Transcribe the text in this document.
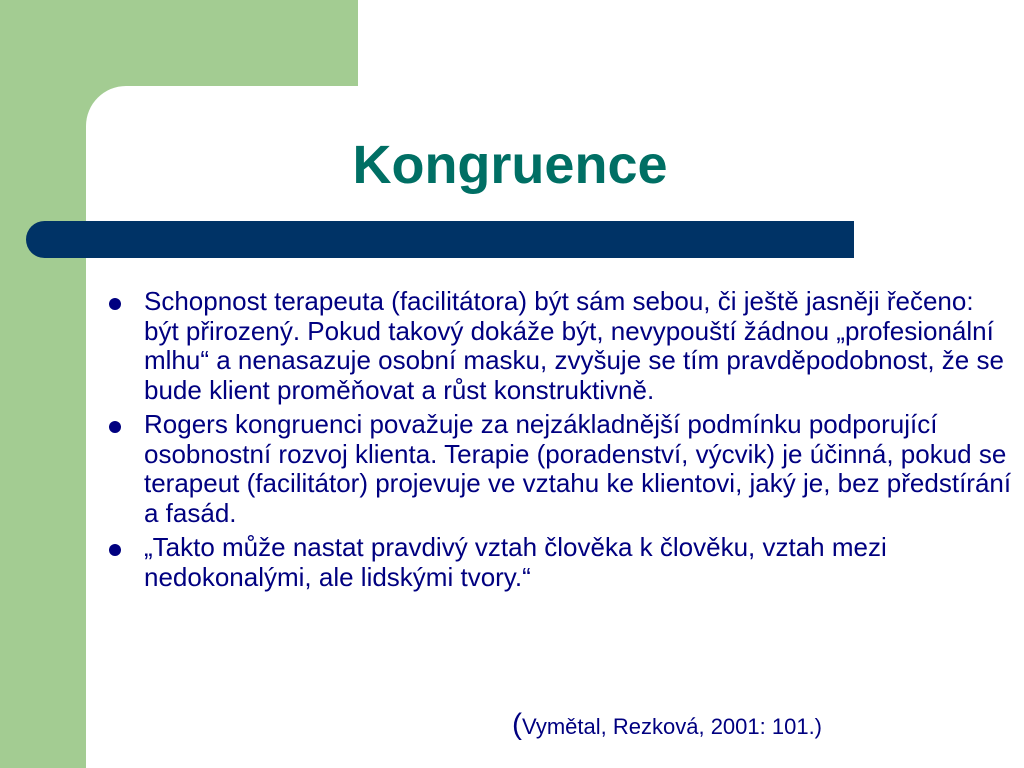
Kongruence
Schopnost terapeuta (facilitátora) být sám sebou, či ještě jasněji řečeno: být přirozený. Pokud takový dokáže být, nevypouští žádnou „profesionální mlhu“ a nenasazuje osobní masku, zvyšuje se tím pravděpodobnost, že se bude klient proměňovat a růst konstruktivně.
Rogers kongruenci považuje za nejzákladnější podmínku podporující osobnostní rozvoj klienta. Terapie (poradenství, výcvik) je účinná, pokud se terapeut (facilitátor) projevuje ve vztahu ke klientovi, jaký je, bez předstírání a fasád.
„Takto může nastat pravdivý vztah člověka k člověku, vztah mezi nedokonalými, ale lidskými tvory.“
(Vymětal, Rezková, 2001: 101.)
